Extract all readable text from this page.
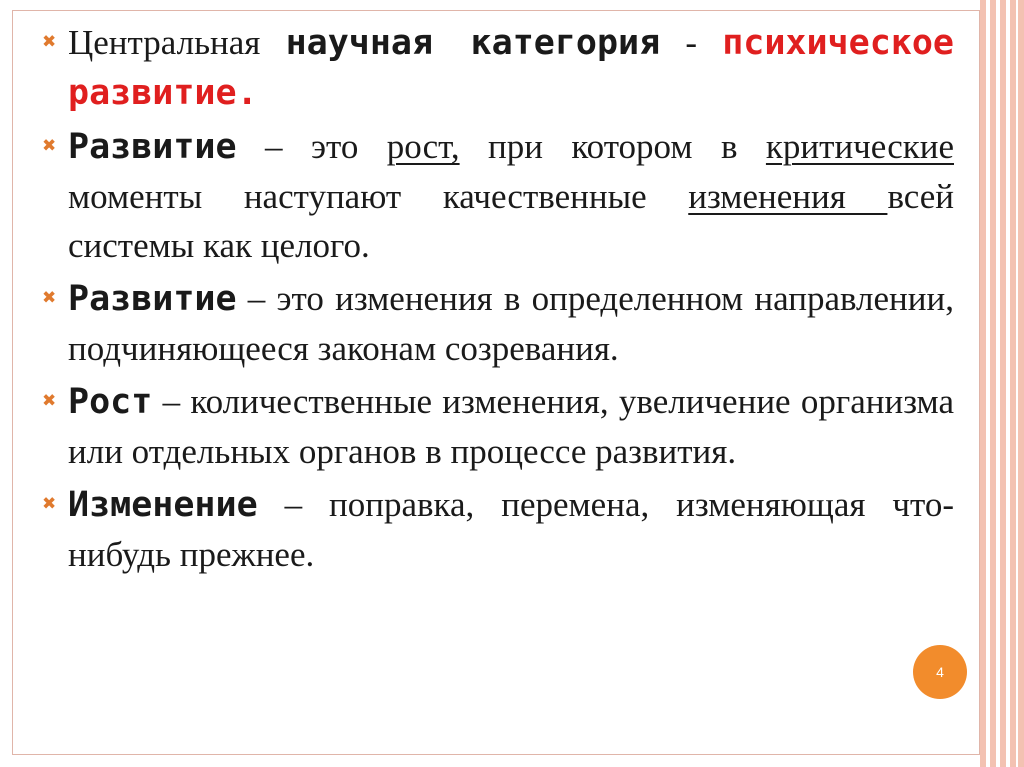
✖ Центральная научная категория - психическое развитие.
✖ Развитие – это рост, при котором в критические моменты наступают качественные изменения всей системы как целого.
✖ Развитие – это изменения в определенном направлении, подчиняющееся законам созревания.
✖ Рост – количественные изменения, увеличение организма или отдельных органов в процессе развития.
✖ Изменение – поправка, перемена, изменяющая что-нибудь прежнее.
4
